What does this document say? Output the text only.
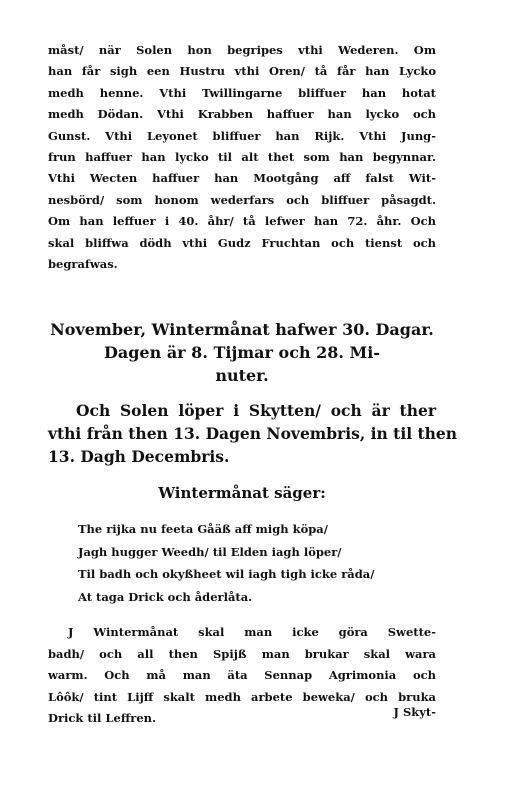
måst/ när Solen hon begripes vthi Wederen. Om
han får sigh een Hustru vthi Oren/ tå får han Lycko
medh henne. Vthi Twillingarne bliffuer han hotat
medh Dödan. Vthi Krabben haffuer han lycko och
Gunst. Vthi Leyonet bliffuer han Rijk. Vthi Jung-
frun haffuer han lycko til alt thet som han begynnar.
Vthi Wecten haffuer han Mootgång aff falst Wit-
nesbörd/ som honom wederfars och bliffuer påsagdt.
Om han leffuer i 40. åhr/ tå lefwer han 72. åhr. Och
skal bliffwa dödh vthi Gudz Fruchtan och tienst och
begrafwas.
November, Wintermånat hafwer 30. Dagar.
Dagen är 8. Tijmar och 28. Mi-
nuter.
Och Solen löper i Skytten/ och är ther
vthi från then 13. Dagen Novembris, in til then
13. Dagh Decembris.
Wintermånat säger:
The rijka nu feeta Gåäß aff migh köpa/
Jagh hugger Weedh/ til Elden iagh löper/
Til badh och okyßheet wil iagh tigh icke råda/
At taga Drick och åderlåta.
J Wintermånat skal man icke göra Swette-
badh/ och all then Spijß man brukar skal wara
warm. Och må man äta Sennap Agrimonia och
Lôôk/ tint Lijff skalt medh arbete beweka/ och bruka
Drick til Leffren.	J Skyt-
